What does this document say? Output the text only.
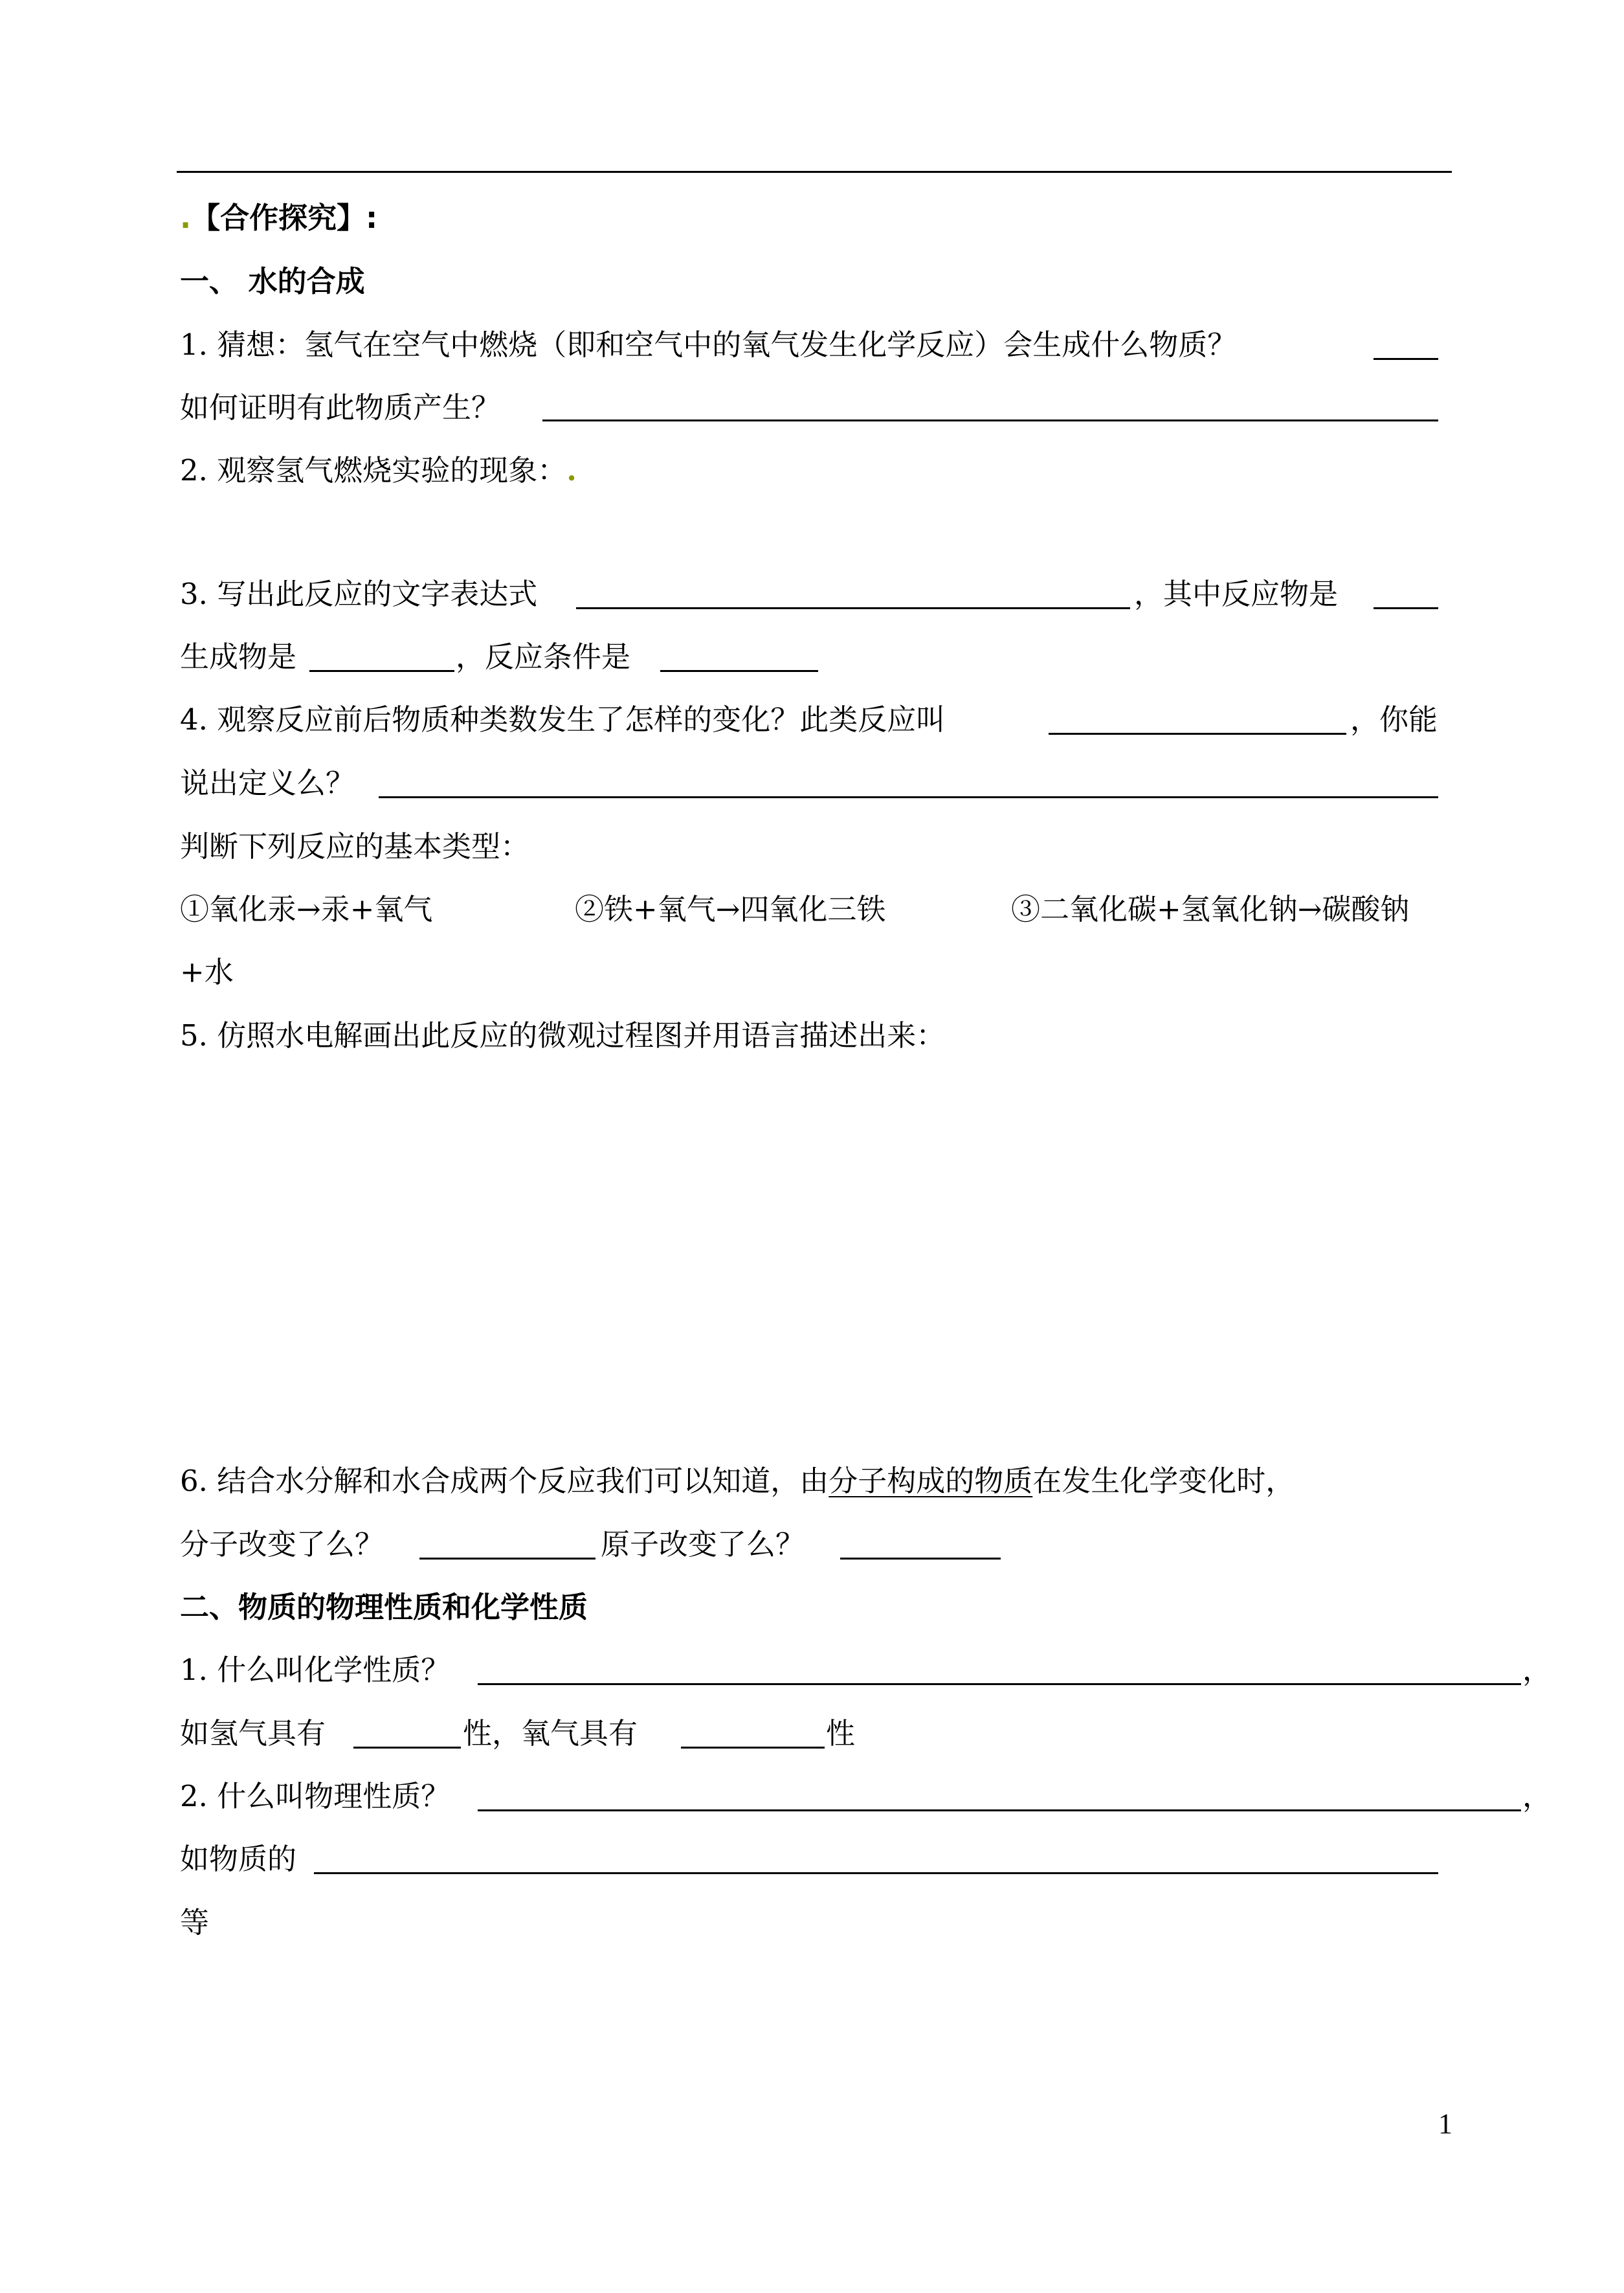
.【合作探究】:
一、 水的合成
1. 猜想：氢气在空气中燃烧（即和空气中的氧气发生化学反应）会生成什么物质？
如何证明有此物质产生？
2. 观察氢气燃烧实验的现象：.
3. 写出此反应的文字表达式	，其中反应物是
生成物是	，反应条件是
4. 观察反应前后物质种类数发生了怎样的变化？此类反应叫	，你能
说出定义么？
判断下列反应的基本类型：
①氧化汞→汞+氧气	②铁+氧气→四氧化三铁	③二氧化碳+氢氧化钠→碳酸钠
+水
5. 仿照水电解画出此反应的微观过程图并用语言描述出来：
6. 结合水分解和水合成两个反应我们可以知道，由分子构成的物质在发生化学变化时，
分子改变了么？	原子改变了么？
二、物质的物理性质和化学性质
1. 什么叫化学性质？	，
如氢气具有	性，氧气具有	性
2. 什么叫物理性质？	，
如物质的
等
1
